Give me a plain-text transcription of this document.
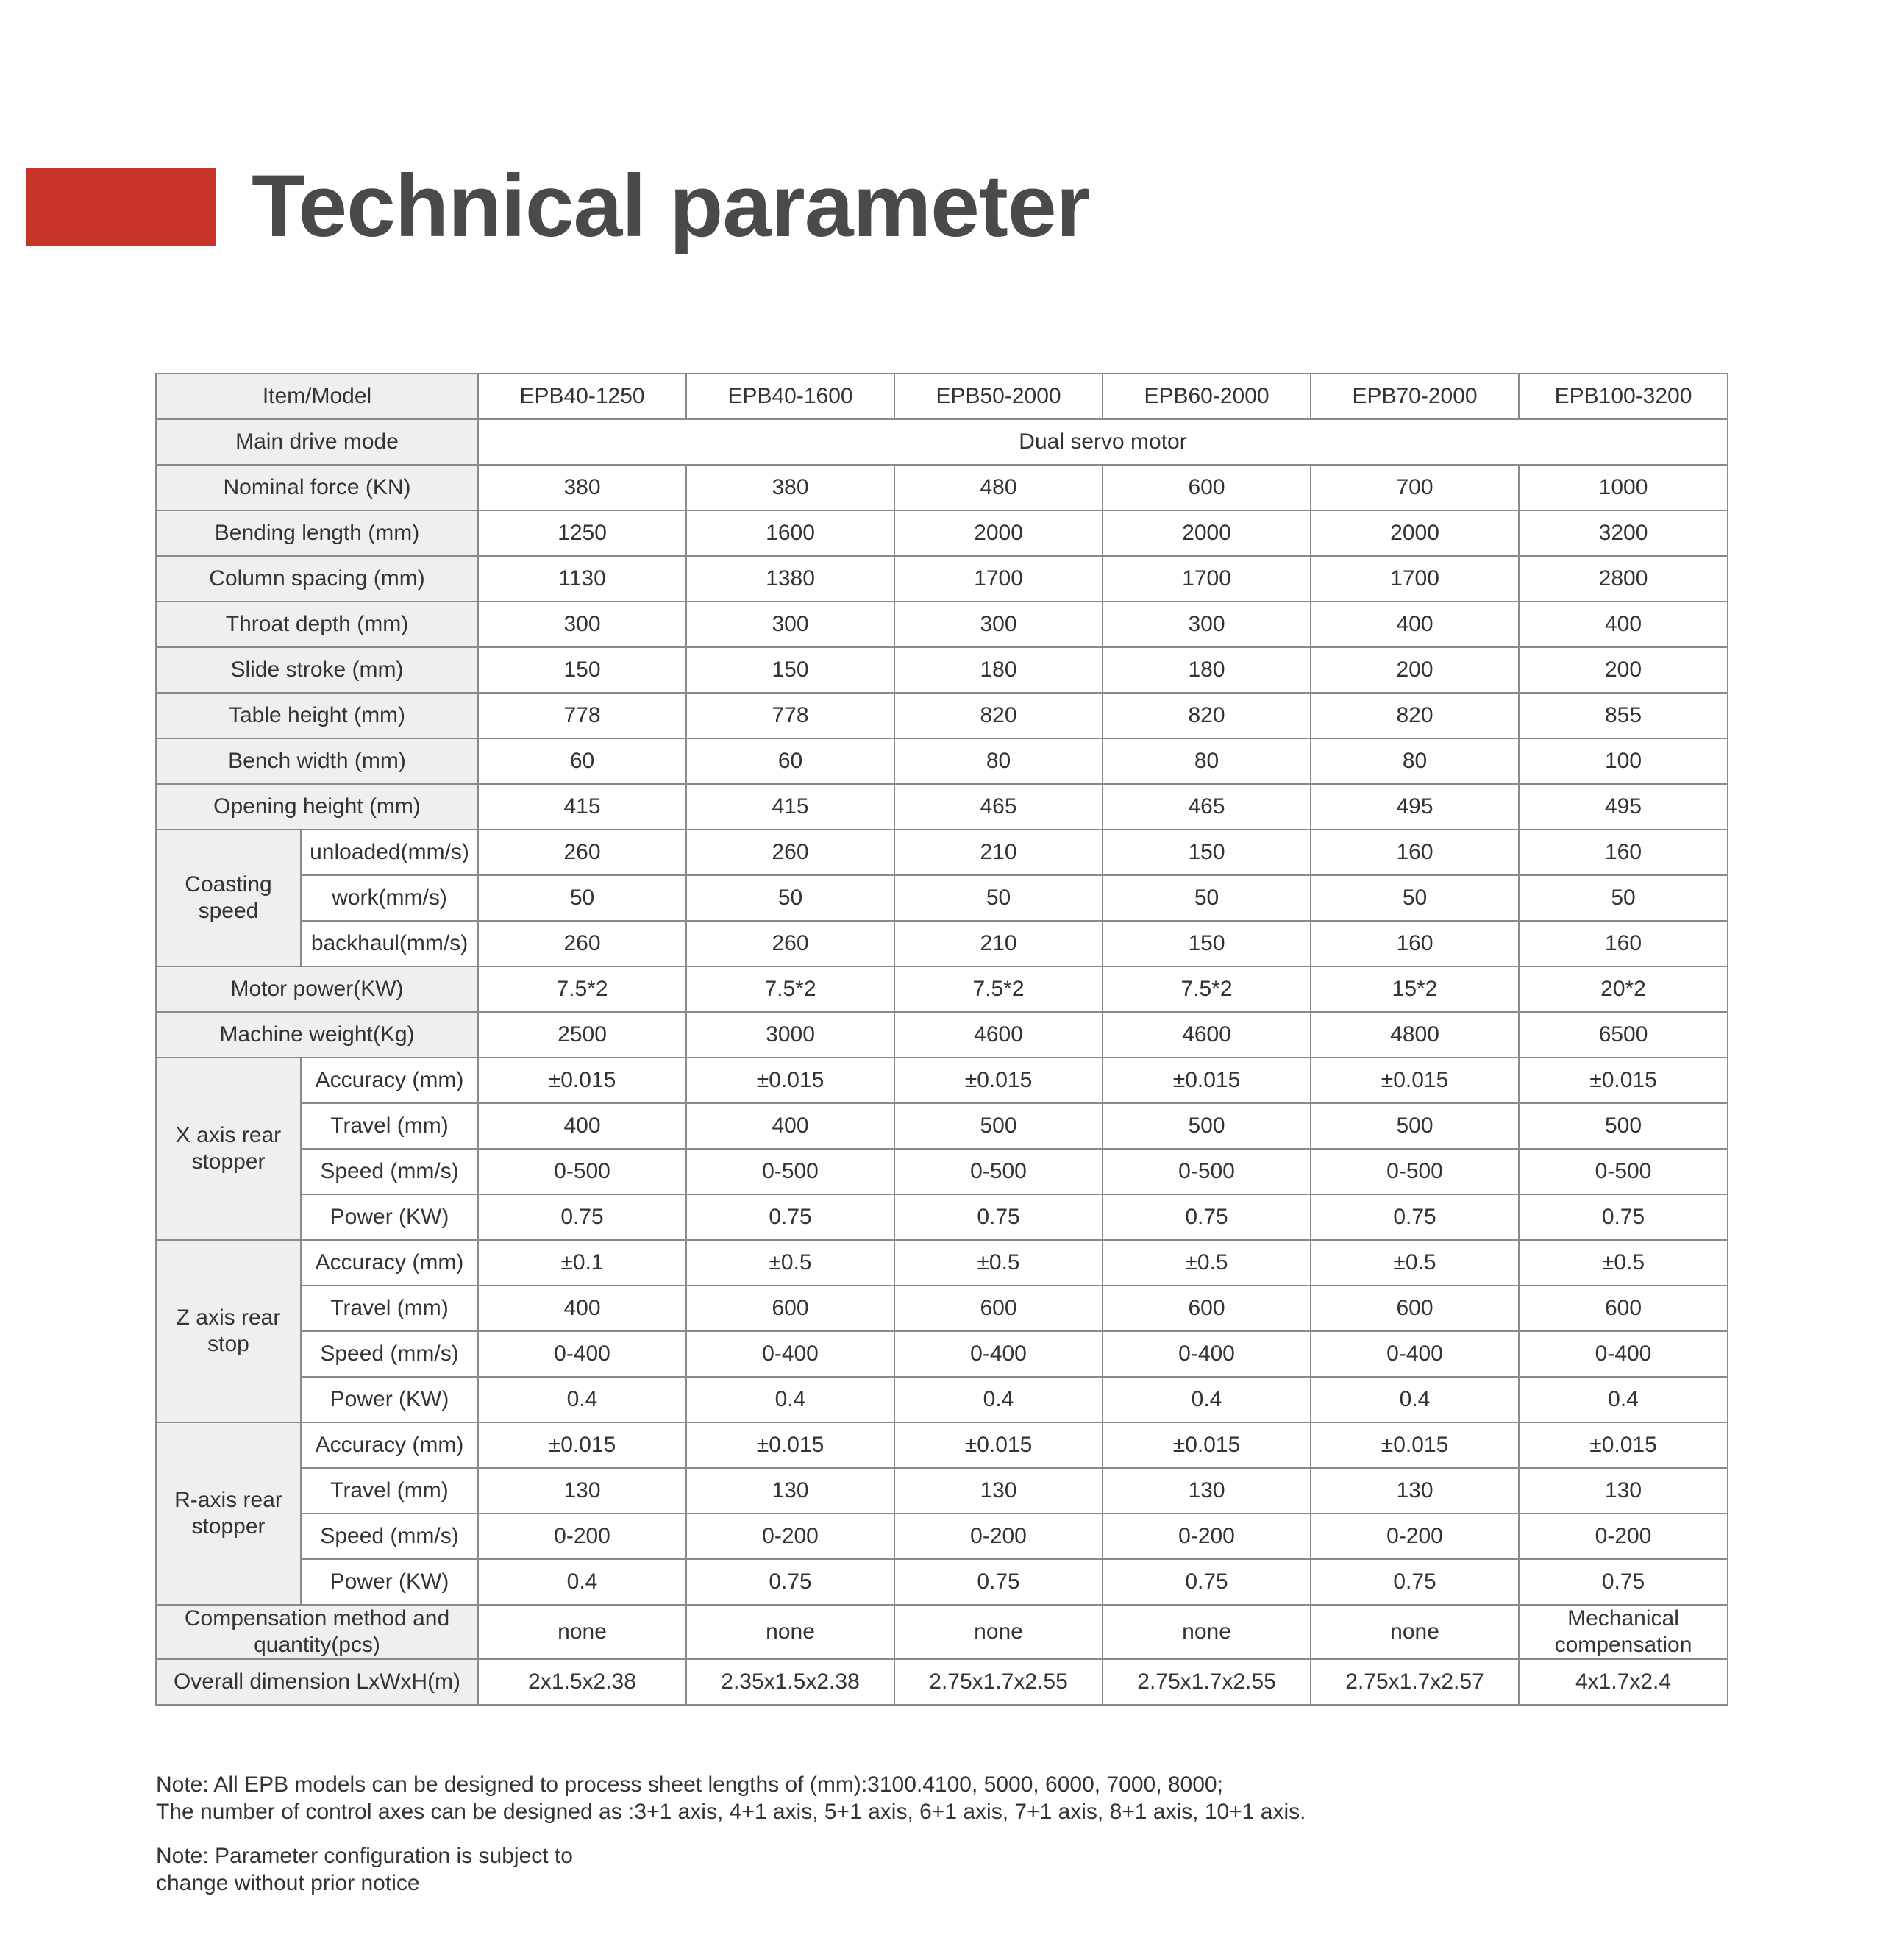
Technical parameter
Item/Model		EPB40-1250	EPB40-1600	EPB50-2000	EPB60-2000	EPB70-2000	EPB100-3200
Main drive mode		Dual servo motor					
Nominal force (KN)		380	380	480	600	700	1000
Bending length (mm)		1250	1600	2000	2000	2000	3200
Column spacing (mm)		1130	1380	1700	1700	1700	2800
Throat depth (mm)		300	300	300	300	400	400
Slide stroke (mm)		150	150	180	180	200	200
Table height (mm)		778	778	820	820	820	855
Bench width (mm)		60	60	80	80	80	100
Opening height (mm)		415	415	465	465	495	495
Coasting speed	unloaded(mm/s)	260	260	210	150	160	160
	work(mm/s)	50	50	50	50	50	50
	backhaul(mm/s)	260	260	210	150	160	160
Motor power(KW)		7.5*2	7.5*2	7.5*2	7.5*2	15*2	20*2
Machine weight(Kg)		2500	3000	4600	4600	4800	6500
X axis rear stopper	Accuracy (mm)	±0.015	±0.015	±0.015	±0.015	±0.015	±0.015
	Travel (mm)	400	400	500	500	500	500
	Speed (mm/s)	0-500	0-500	0-500	0-500	0-500	0-500
	Power (KW)	0.75	0.75	0.75	0.75	0.75	0.75
Z axis rear stop	Accuracy (mm)	±0.1	±0.5	±0.5	±0.5	±0.5	±0.5
	Travel (mm)	400	600	600	600	600	600
	Speed (mm/s)	0-400	0-400	0-400	0-400	0-400	0-400
	Power (KW)	0.4	0.4	0.4	0.4	0.4	0.4
R-axis rear stopper	Accuracy (mm)	±0.015	±0.015	±0.015	±0.015	±0.015	±0.015
	Travel (mm)	130	130	130	130	130	130
	Speed (mm/s)	0-200	0-200	0-200	0-200	0-200	0-200
	Power (KW)	0.4	0.75	0.75	0.75	0.75	0.75
Compensation method and quantity(pcs)		none	none	none	none	none	Mechanical compensation
Overall dimension LxWxH(m)		2x1.5x2.38	2.35x1.5x2.38	2.75x1.7x2.55	2.75x1.7x2.55	2.75x1.7x2.57	4x1.7x2.4
Note: All EPB models can be designed to process sheet lengths of (mm):3100.4100, 5000, 6000, 7000, 8000;
The number of control axes can be designed as :3+1 axis, 4+1 axis, 5+1 axis, 6+1 axis, 7+1 axis, 8+1 axis, 10+1 axis.
Note: Parameter configuration is subject to
change without prior notice
